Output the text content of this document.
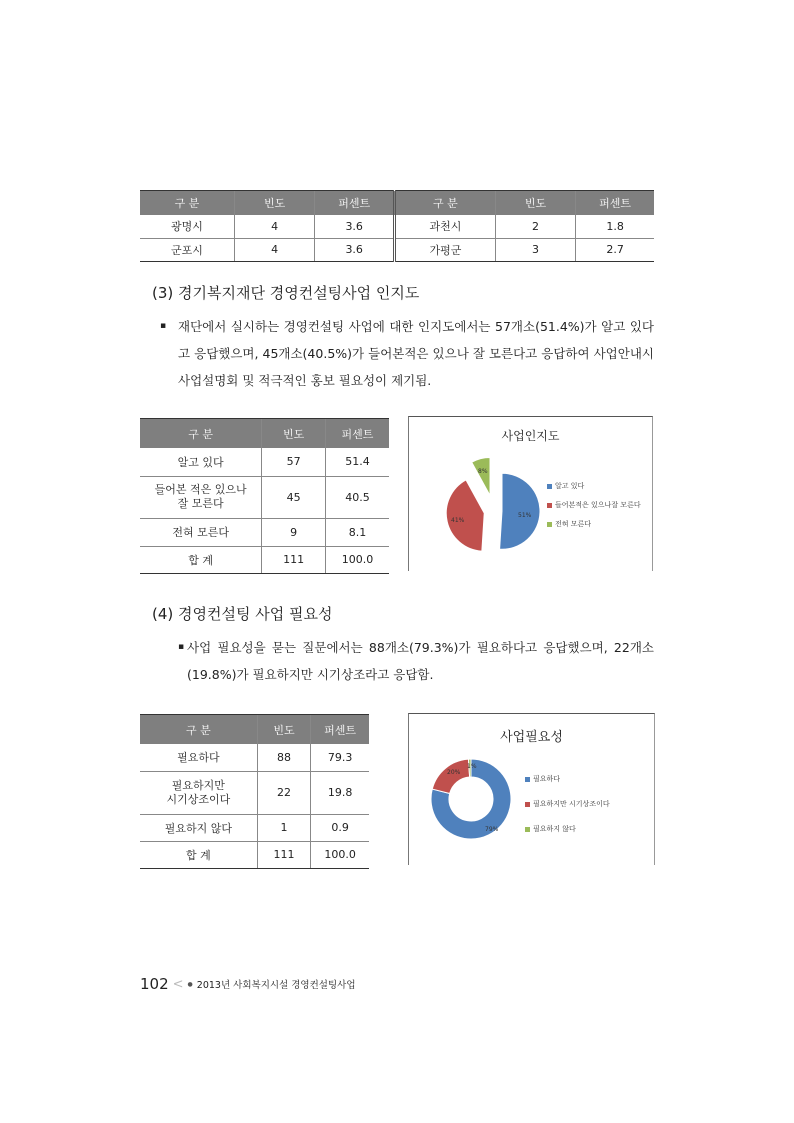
구 분	빈도	퍼센트	구 분	빈도	퍼센트
광명시	4	3.6	과천시	2	1.8
군포시	4	3.6	가평군	3	2.7
(3) 경기복지재단 경영컨설팅사업 인지도
▪ 재단에서 실시하는 경영컨설팅 사업에 대한 인지도에서는 57개소(51.4%)가 알고 있다고 응답했으며, 45개소(40.5%)가 들어본적은 있으나 잘 모른다고 응답하여 사업안내시 사업설명회 및 적극적인 홍보 필요성이 제기됨.
구 분	빈도	퍼센트
알고 있다	57	51.4
들어본 적은 있으나
잘 모른다	45	40.5
전혀 모른다	9	8.1
합 계	111	100.0
사업인지도
51%
41%
8%
알고 있다
들어본적은 있으나잘 모른다
전혀 모른다
(4) 경영컨설팅 사업 필요성
▪ 사업 필요성을 묻는 질문에서는 88개소(79.3%)가 필요하다고 응답했으며, 22개소(19.8%)가 필요하지만 시기상조라고 응답함.
구 분	빈도	퍼센트
필요하다	88	79.3
필요하지만
시기상조이다	22	19.8
필요하지 않다	1	0.9
합 계	111	100.0
사업필요성
79%
20%
1%
필요하다
필요하지만 시기상조이다
필요하지 않다
102 < ● 2013년 사회복지시설 경영컨설팅사업
